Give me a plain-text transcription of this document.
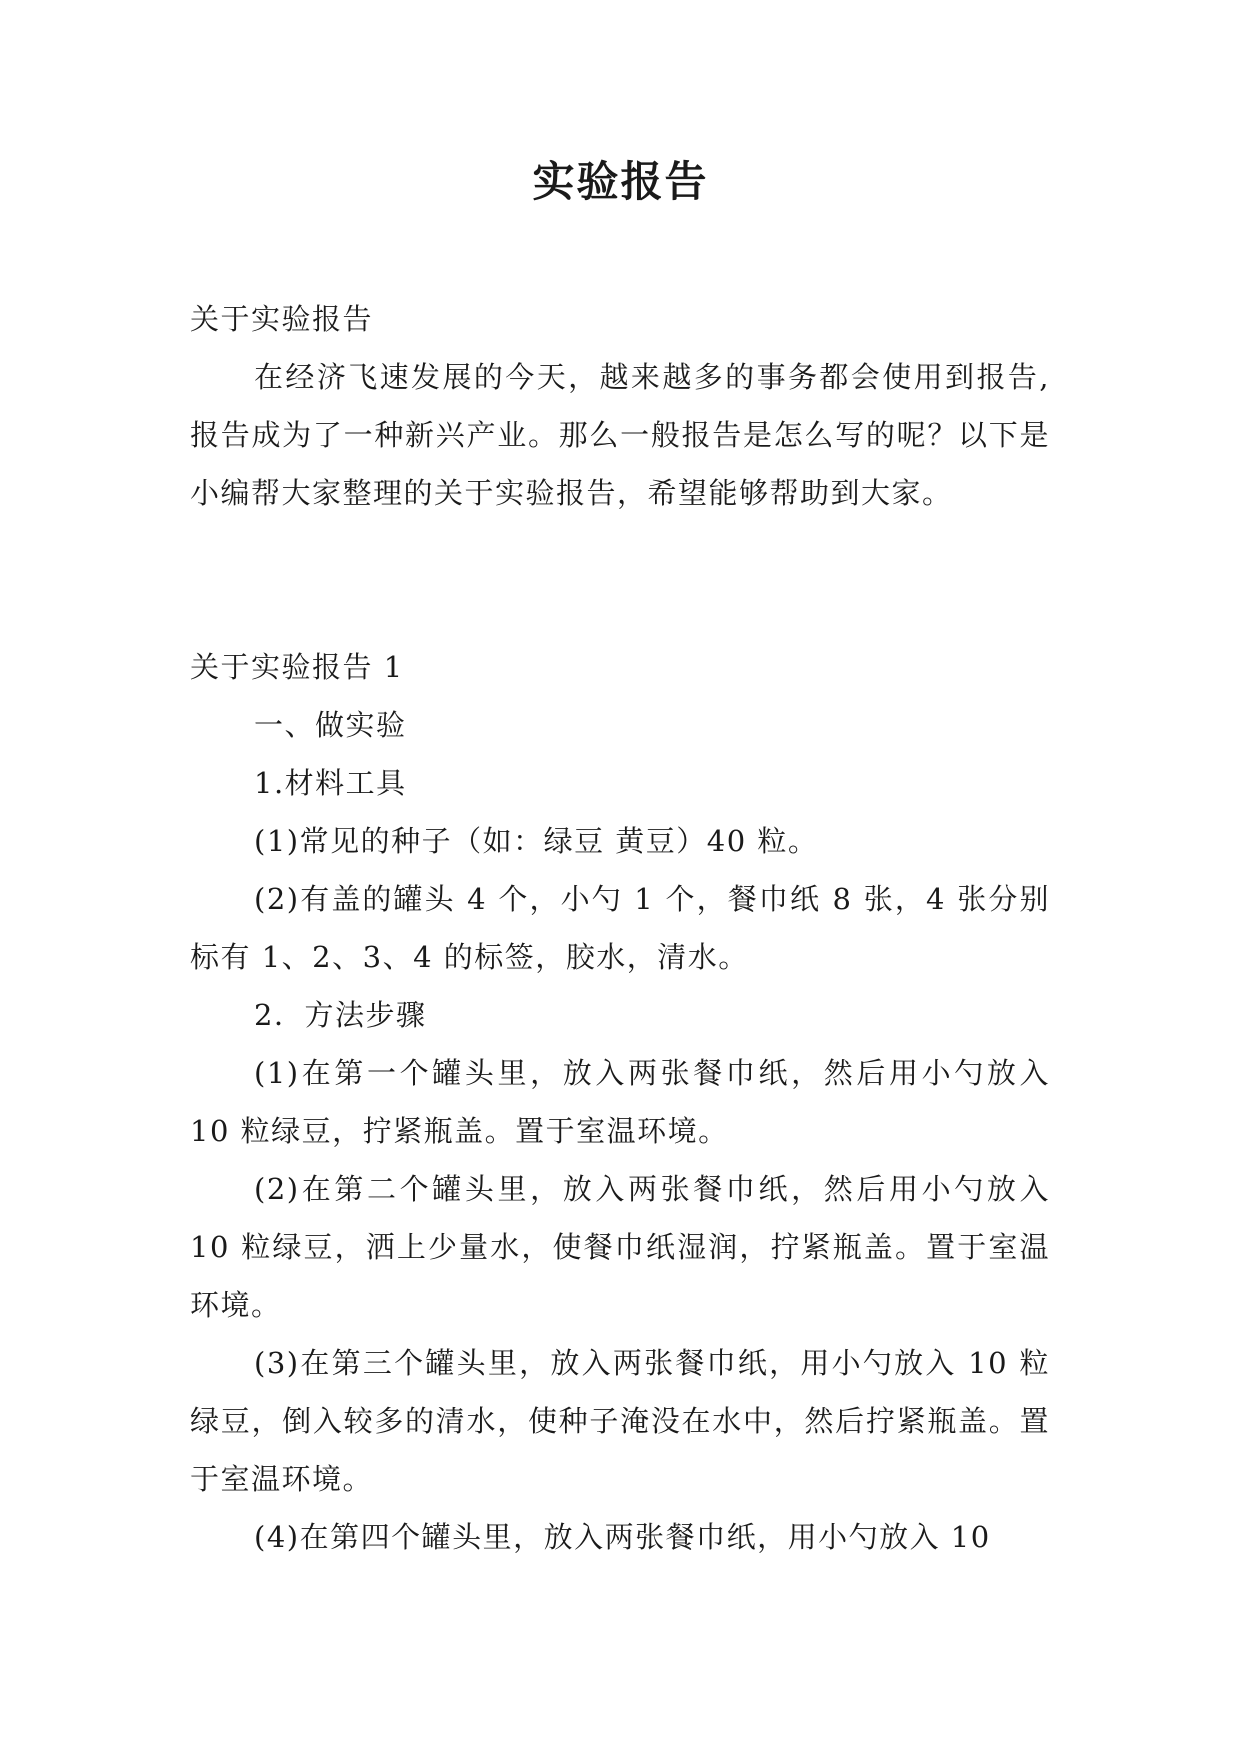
实验报告

关于实验报告

在经济飞速发展的今天，越来越多的事务都会使用到报告,报告成为了一种新兴产业。那么一般报告是怎么写的呢？以下是小编帮大家整理的关于实验报告，希望能够帮助到大家。

关于实验报告 1

一、做实验

1.材料工具

(1)常见的种子（如：绿豆 黄豆）40 粒。

(2)有盖的罐头 4 个，小勺 1 个，餐巾纸 8 张，4 张分别标有 1、2、3、4 的标签，胶水，清水。

2．方法步骤

(1)在第一个罐头里，放入两张餐巾纸，然后用小勺放入 10 粒绿豆，拧紧瓶盖。置于室温环境。

(2)在第二个罐头里，放入两张餐巾纸，然后用小勺放入 10 粒绿豆，洒上少量水，使餐巾纸湿润，拧紧瓶盖。置于室温环境。

(3)在第三个罐头里，放入两张餐巾纸，用小勺放入 10 粒绿豆，倒入较多的清水，使种子淹没在水中，然后拧紧瓶盖。置于室温环境。

(4)在第四个罐头里，放入两张餐巾纸，用小勺放入 10
